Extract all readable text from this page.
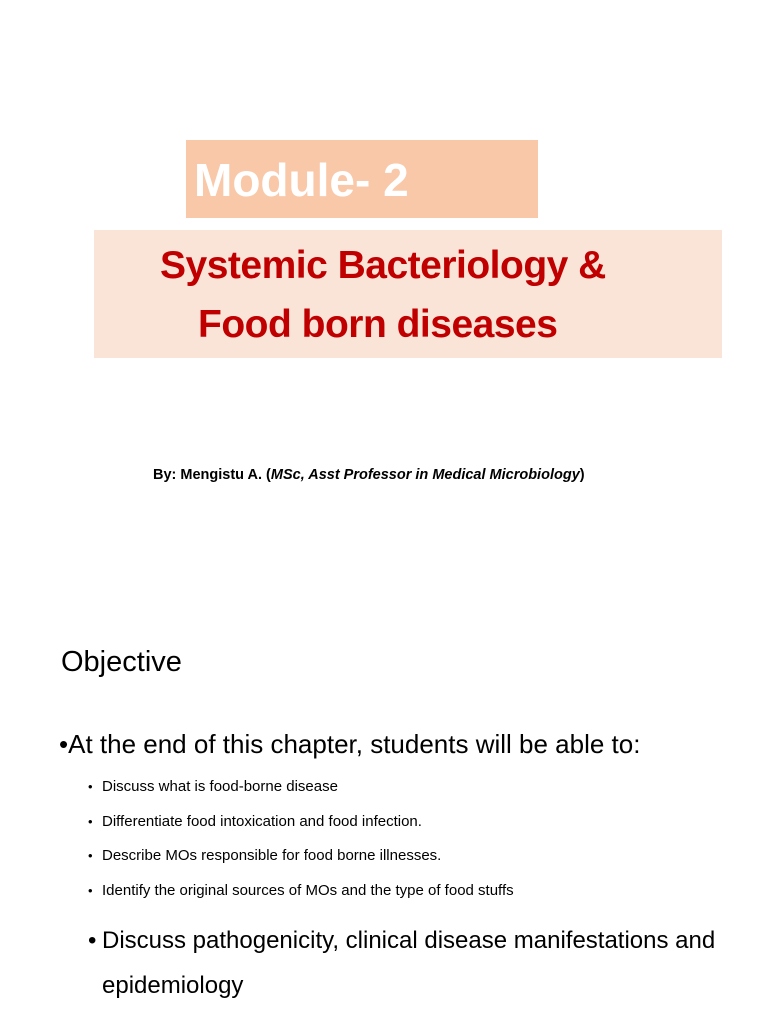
Module- 2
Systemic Bacteriology &
Food born diseases
By: Mengistu A. (MSc, Asst Professor in Medical Microbiology)
Objective
•At the end of this chapter, students will be able to:
• Discuss what is food-borne disease
• Differentiate food intoxication and food infection.
• Describe MOs responsible for food borne illnesses.
• Identify the original sources of MOs and the type of food stuffs
• Discuss pathogenicity, clinical disease manifestations and epidemiology
